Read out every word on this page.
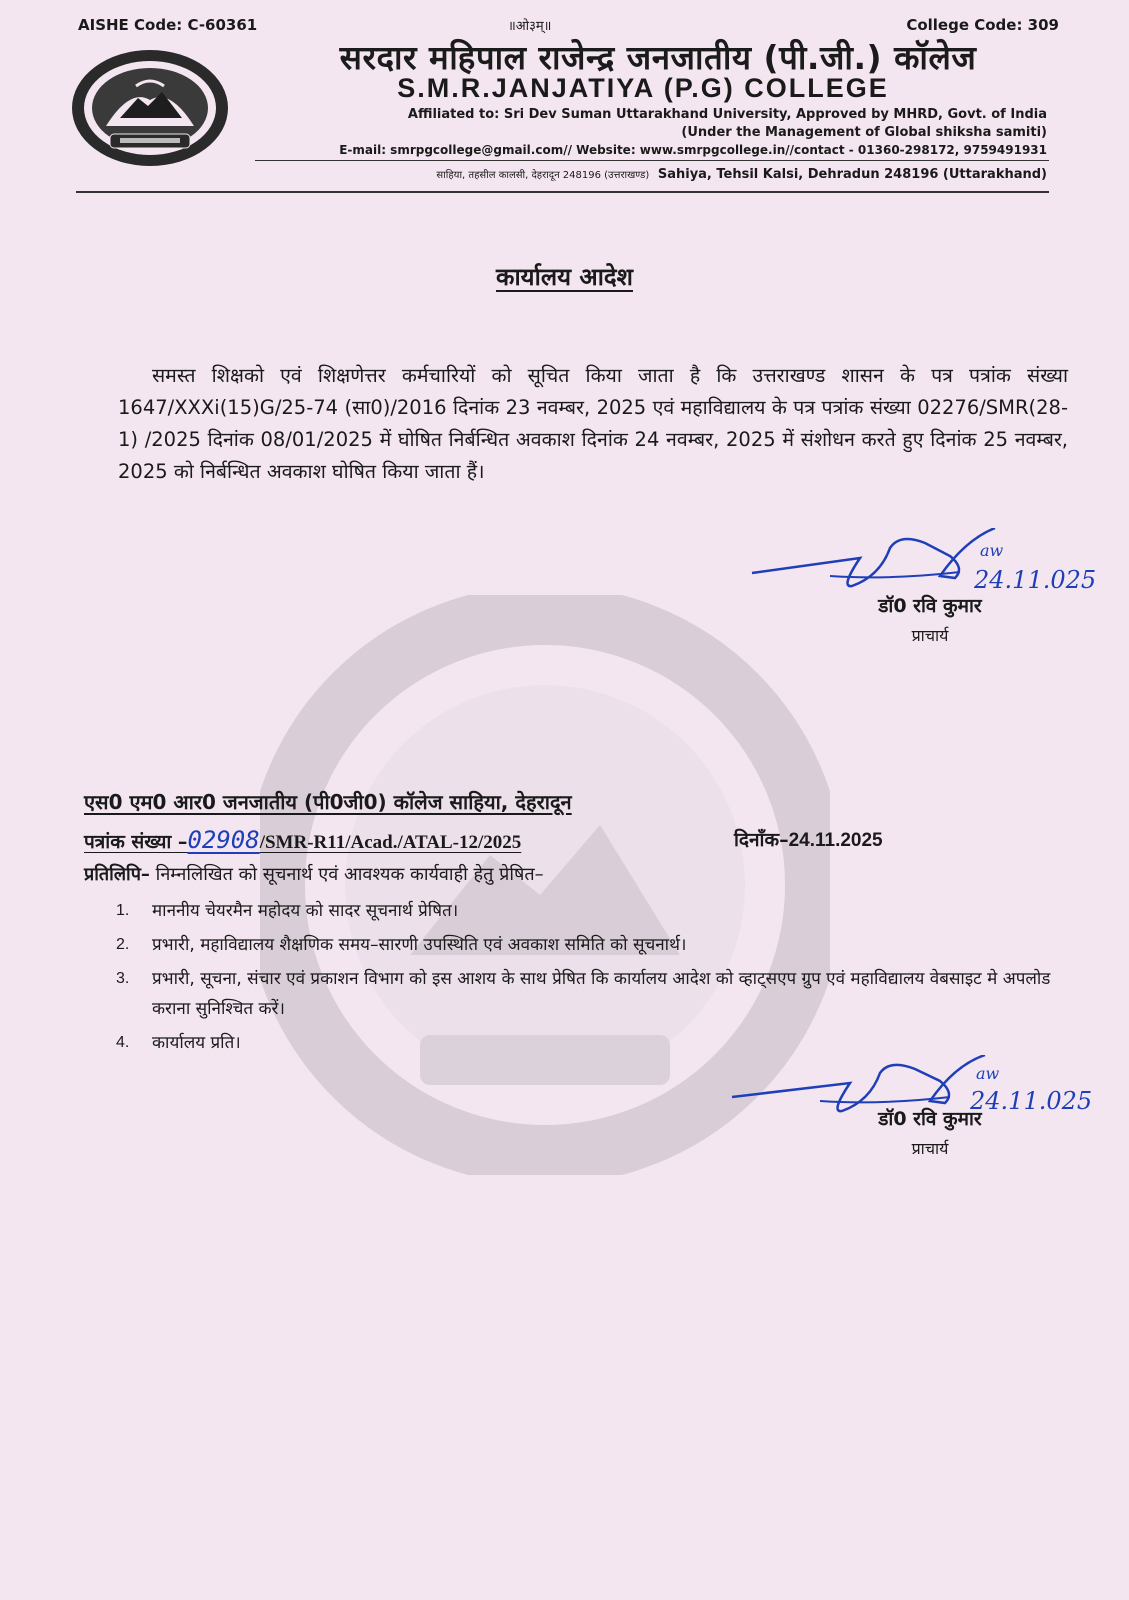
AISHE Code: C-60361	॥ओ३म्॥	College Code: 309
सरदार महिपाल राजेन्द्र जनजातीय (पी.जी.) कॉलेज
S.M.R.JANJATIYA (P.G) COLLEGE
Affiliated to: Sri Dev Suman Uttarakhand University, Approved by MHRD, Govt. of India
(Under the Management of Global shiksha samiti)
E-mail: smrpgcollege@gmail.com// Website: www.smrpgcollege.in//contact - 01360-298172, 9759491931
साहिया, तहसील कालसी, देहरादून 248196 (उत्तराखण्ड) Sahiya, Tehsil Kalsi, Dehradun 248196 (Uttarakhand)
कार्यालय आदेश

समस्त शिक्षको एवं शिक्षणेत्तर कर्मचारियों को सूचित किया जाता है कि उत्तराखण्ड शासन के पत्र पत्रांक संख्या 1647/XXXi(15)G/25-74 (सा0)/2016 दिनांक 23 नवम्बर, 2025 एवं महाविद्यालय के पत्र पत्रांक संख्या 02276/SMR(28-1) /2025 दिनांक 08/01/2025 में घोषित निर्बन्धित अवकाश दिनांक 24 नवम्बर, 2025 में संशोधन करते हुए दिनांक 25 नवम्बर, 2025 को निर्बन्धित अवकाश घोषित किया जाता हैं।

aw
24.11.025
डॉ0 रवि कुमार
प्राचार्य
एस0 एम0 आर0 जनजातीय (पी0जी0) कॉलेज साहिया, देहरादून
पत्रांक संख्या –02908/SMR-R11/Acad./ATAL-12/2025	दिनाँक–24.11.2025
प्रतिलिपि– निम्नलिखित को सूचनार्थ एवं आवश्यक कार्यवाही हेतु प्रेषित–
1. माननीय चेयरमैन महोदय को सादर सूचनार्थ प्रेषित।
2. प्रभारी, महाविद्यालय शैक्षणिक समय–सारणी उपस्थिति एवं अवकाश समिति को सूचनार्थ।
3. प्रभारी, सूचना, संचार एवं प्रकाशन विभाग को इस आशय के साथ प्रेषित कि कार्यालय आदेश को व्हाट्सएप ग्रुप एवं महाविद्यालय वेबसाइट मे अपलोड कराना सुनिश्चित करें।
4. कार्यालय प्रति।
aw
24.11.025
डॉ0 रवि कुमार
प्राचार्य
